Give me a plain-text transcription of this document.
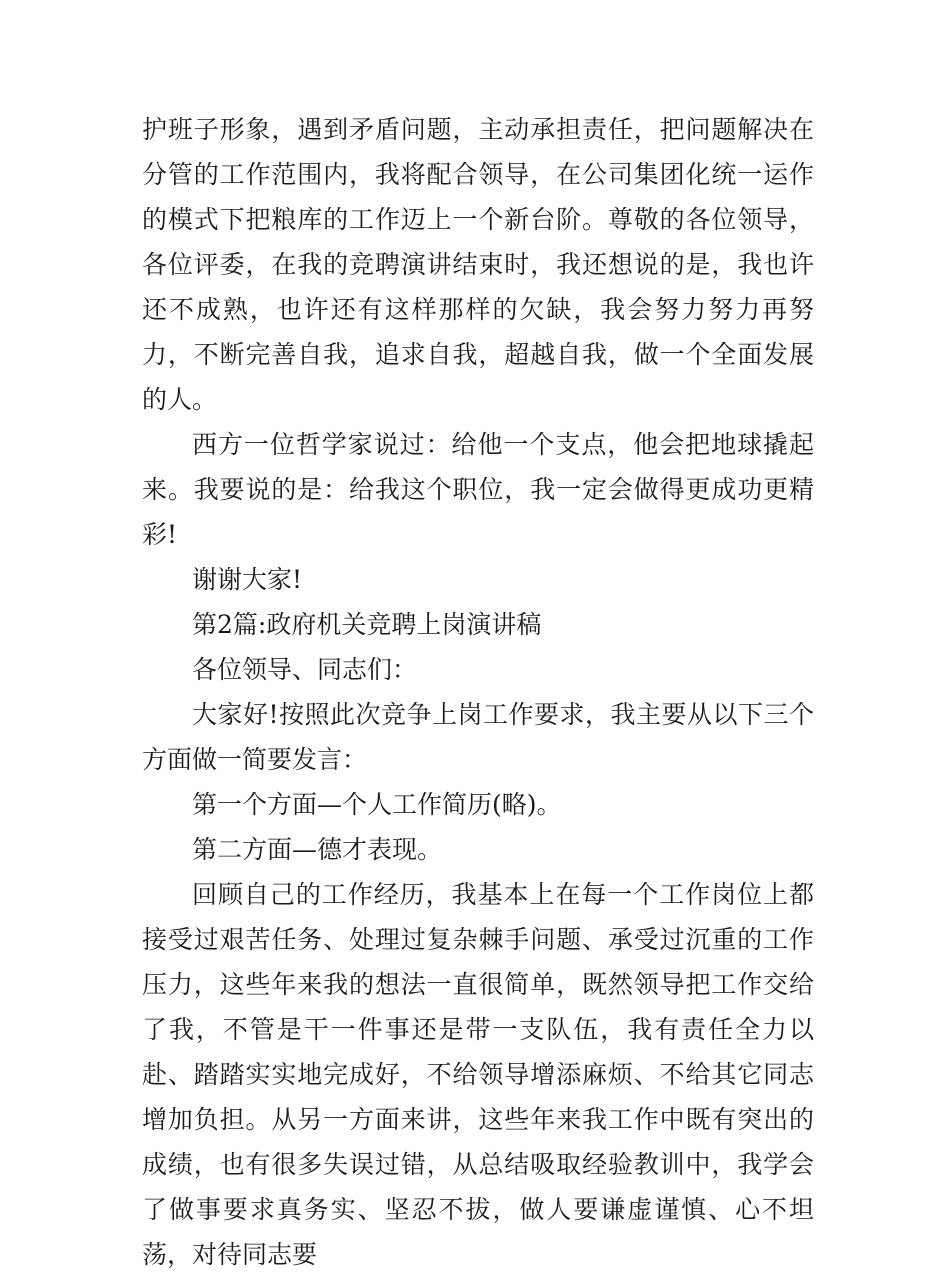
护班子形象，遇到矛盾问题，主动承担责任，把问题解决在分管的工作范围内，我将配合领导，在公司集团化统一运作的模式下把粮库的工作迈上一个新台阶。尊敬的各位领导，各位评委，在我的竞聘演讲结束时，我还想说的是，我也许还不成熟，也许还有这样那样的欠缺，我会努力努力再努力，不断完善自我，追求自我，超越自我，做一个全面发展的人。

西方一位哲学家说过：给他一个支点，他会把地球撬起来。我要说的是：给我这个职位，我一定会做得更成功更精彩!

谢谢大家!

第2篇:政府机关竞聘上岗演讲稿

各位领导、同志们：

大家好!按照此次竞争上岗工作要求，我主要从以下三个方面做一简要发言：

第一个方面—个人工作简历(略)。

第二方面—德才表现。

回顾自己的工作经历，我基本上在每一个工作岗位上都接受过艰苦任务、处理过复杂棘手问题、承受过沉重的工作压力，这些年来我的想法一直很简单，既然领导把工作交给了我，不管是干一件事还是带一支队伍，我有责任全力以赴、踏踏实实地完成好，不给领导增添麻烦、不给其它同志增加负担。从另一方面来讲，这些年来我工作中既有突出的成绩，也有很多失误过错，从总结吸取经验教训中，我学会了做事要求真务实、坚忍不拔，做人要谦虚谨慎、心不坦荡，对待同志要
